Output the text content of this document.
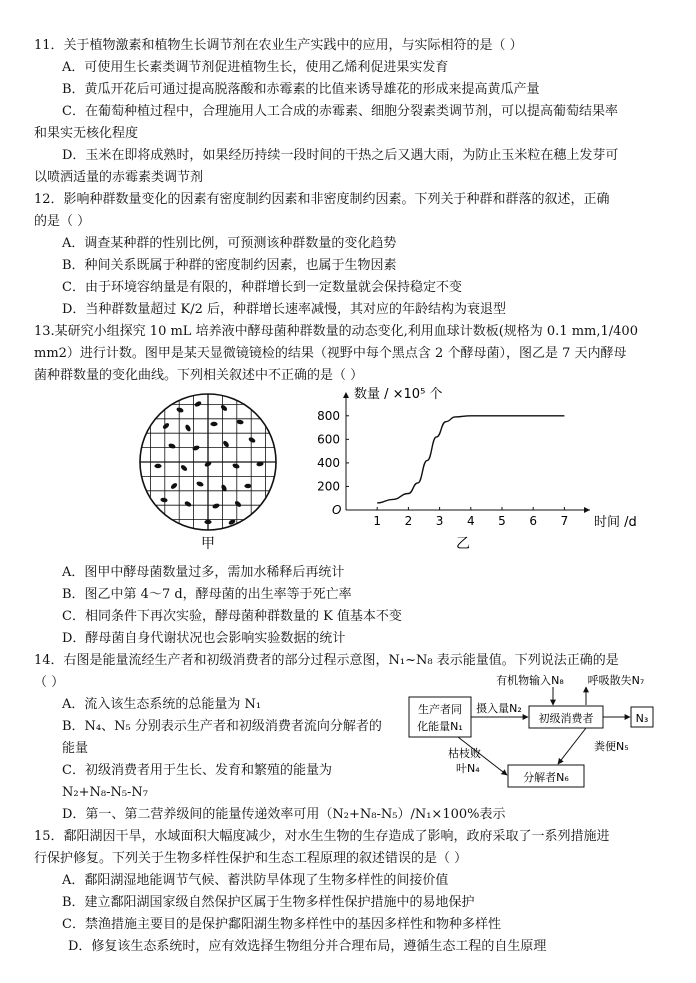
11．关于植物激素和植物生长调节剂在农业生产实践中的应用，与实际相符的是（ ）
A．可使用生长素类调节剂促进植物生长，使用乙烯利促进果实发育
B．黄瓜开花后可通过提高脱落酸和赤霉素的比值来诱导雄花的形成来提高黄瓜产量
C．在葡萄种植过程中，合理施用人工合成的赤霉素、细胞分裂素类调节剂，可以提高葡萄结果率
和果实无核化程度
D．玉米在即将成熟时，如果经历持续一段时间的干热之后又遇大雨，为防止玉米粒在穗上发芽可
以喷洒适量的赤霉素类调节剂
12．影响种群数量变化的因素有密度制约因素和非密度制约因素。下列关于种群和群落的叙述，正确
的是（ ）
A．调查某种群的性别比例，可预测该种群数量的变化趋势
B．种间关系既属于种群的密度制约因素，也属于生物因素
C．由于环境容纳量是有限的，种群增长到一定数量就会保持稳定不变
D．当种群数量超过 K/2 后，种群增长速率减慢，其对应的年龄结构为衰退型
13.某研究小组探究 10 mL 培养液中酵母菌种群数量的动态变化,利用血球计数板(规格为 0.1 mm,1/400
mm2）进行计数。图甲是某天显微镜镜检的结果（视野中每个黑点含 2 个酵母菌），图乙是 7 天内酵母
菌种群数量的变化曲线。下列相关叙述中不正确的是（ ）
甲
1 2 3 4 5 6 7
200
400
600
800
数量 / ×10⁵ 个
时间 /d
O
乙
A．图甲中酵母菌数量过多，需加水稀释后再统计
B．图乙中第 4～7 d，酵母菌的出生率等于死亡率
C．相同条件下再次实验，酵母菌种群数量的 K 值基本不变
D．酵母菌自身代谢状况也会影响实验数据的统计
14．右图是能量流经生产者和初级消费者的部分过程示意图，N₁~N₈ 表示能量值。下列说法正确的是
（ ）
A．流入该生态系统的总能量为 N₁
B．N₄、N₅ 分别表示生产者和初级消费者流向分解者的
能量
C．初级消费者用于生长、发育和繁殖的能量为
N₂+N₈-N₅-N₇
D．第一、第二营养级间的能量传递效率可用（N₂+N₈-N₅）/N₁×100%表示
生产者同
化能量N₁
摄入量N₂
初级消费者
有机物输入N₈ 呼吸散失N₇
N₃
分解者N₆
粪便N₅
枯枝败
叶N₄
15．鄱阳湖因干旱，水域面积大幅度减少，对水生生物的生存造成了影响，政府采取了一系列措施进
行保护修复。下列关于生物多样性保护和生态工程原理的叙述错误的是（ ）
A．鄱阳湖湿地能调节气候、蓄洪防旱体现了生物多样性的间接价值
B．建立鄱阳湖国家级自然保护区属于生物多样性保护措施中的易地保护
C．禁渔措施主要目的是保护鄱阳湖生物多样性中的基因多样性和物种多样性
D．修复该生态系统时，应有效选择生物组分并合理布局，遵循生态工程的自生原理
